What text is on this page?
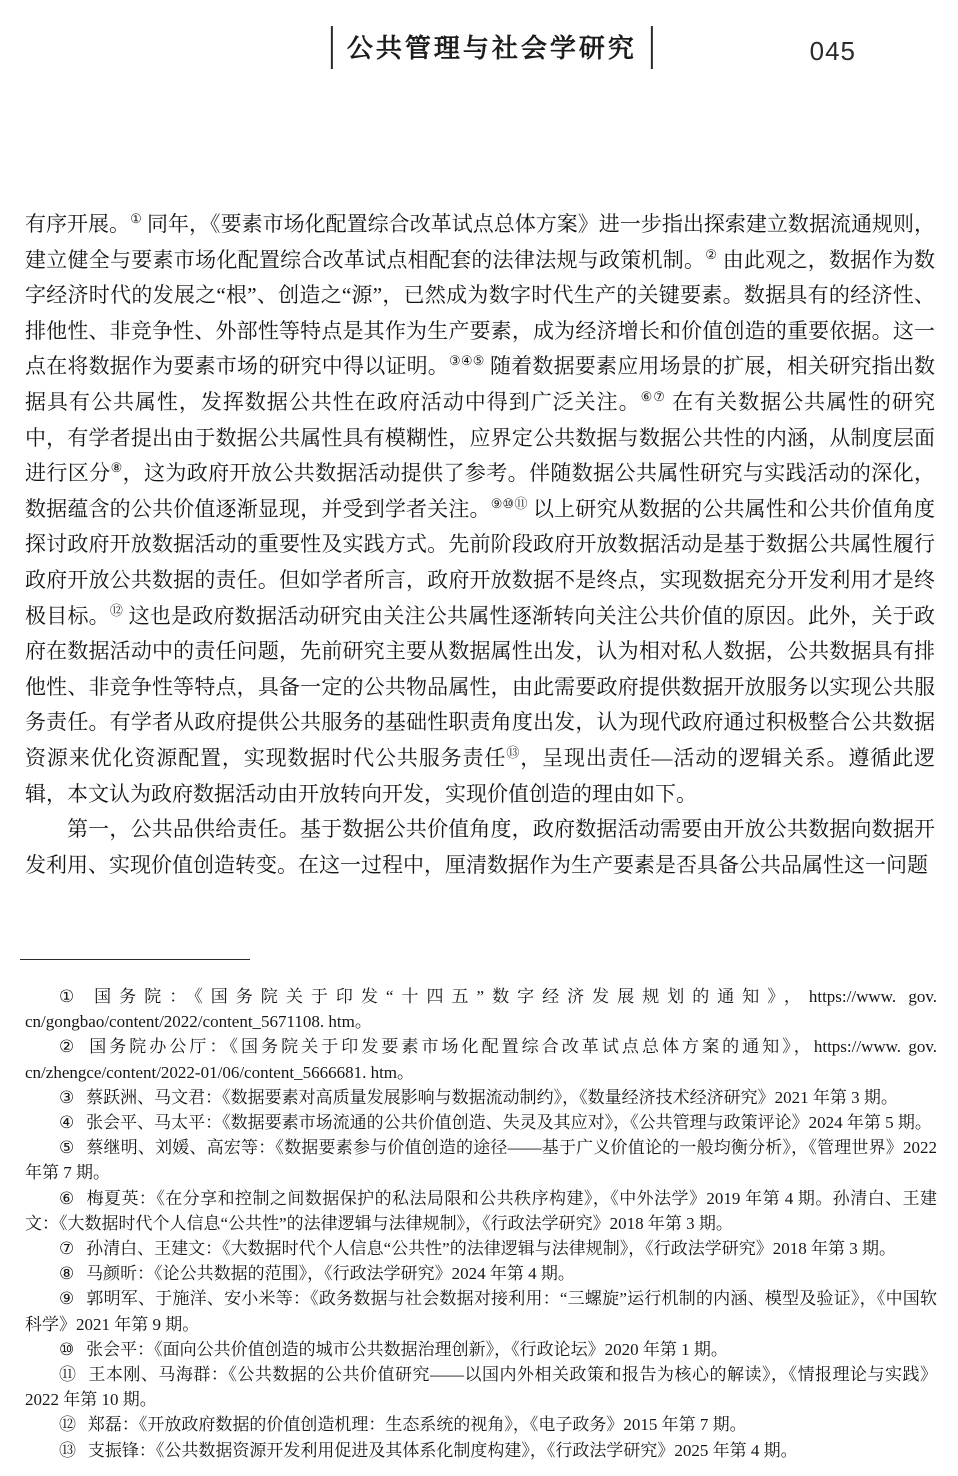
公共管理与社会学研究	045

有序开展。① 同年，《要素市场化配置综合改革试点总体方案》进一步指出探索建立数据流通规则，建立健全与要素市场化配置综合改革试点相配套的法律法规与政策机制。② 由此观之，数据作为数字经济时代的发展之“根”、创造之“源”，已然成为数字时代生产的关键要素。数据具有的经济性、排他性、非竞争性、外部性等特点是其作为生产要素，成为经济增长和价值创造的重要依据。这一点在将数据作为要素市场的研究中得以证明。③④⑤ 随着数据要素应用场景的扩展，相关研究指出数据具有公共属性，发挥数据公共性在政府活动中得到广泛关注。⑥⑦ 在有关数据公共属性的研究中，有学者提出由于数据公共属性具有模糊性，应界定公共数据与数据公共性的内涵，从制度层面进行区分⑧，这为政府开放公共数据活动提供了参考。伴随数据公共属性研究与实践活动的深化，数据蕴含的公共价值逐渐显现，并受到学者关注。⑨⑩⑪ 以上研究从数据的公共属性和公共价值角度探讨政府开放数据活动的重要性及实践方式。先前阶段政府开放数据活动是基于数据公共属性履行政府开放公共数据的责任。但如学者所言，政府开放数据不是终点，实现数据充分开发利用才是终极目标。⑫ 这也是政府数据活动研究由关注公共属性逐渐转向关注公共价值的原因。此外，关于政府在数据活动中的责任问题，先前研究主要从数据属性出发，认为相对私人数据，公共数据具有排他性、非竞争性等特点，具备一定的公共物品属性，由此需要政府提供数据开放服务以实现公共服务责任。有学者从政府提供公共服务的基础性职责角度出发，认为现代政府通过积极整合公共数据资源来优化资源配置，实现数据时代公共服务责任⑬，呈现出责任—活动的逻辑关系。遵循此逻辑，本文认为政府数据活动由开放转向开发，实现价值创造的理由如下。

第一，公共品供给责任。基于数据公共价值角度，政府数据活动需要由开放公共数据向数据开发利用、实现价值创造转变。在这一过程中，厘清数据作为生产要素是否具备公共品属性这一问题

① 国务院：《国务院关于印发“十四五”数字经济发展规划的通知》，https://www. gov. cn/gongbao/content/2022/content_5671108. htm。

② 国务院办公厅：《国务院关于印发要素市场化配置综合改革试点总体方案的通知》，https://www. gov. cn/zhengce/content/2022-01/06/content_5666681. htm。

③ 蔡跃洲、马文君：《数据要素对高质量发展影响与数据流动制约》，《数量经济技术经济研究》2021 年第 3 期。

④ 张会平、马太平：《数据要素市场流通的公共价值创造、失灵及其应对》，《公共管理与政策评论》2024 年第 5 期。

⑤ 蔡继明、刘媛、高宏等：《数据要素参与价值创造的途径——基于广义价值论的一般均衡分析》，《管理世界》2022 年第 7 期。

⑥ 梅夏英：《在分享和控制之间数据保护的私法局限和公共秩序构建》，《中外法学》2019 年第 4 期。孙清白、王建文：《大数据时代个人信息“公共性”的法律逻辑与法律规制》，《行政法学研究》2018 年第 3 期。

⑦ 孙清白、王建文：《大数据时代个人信息“公共性”的法律逻辑与法律规制》，《行政法学研究》2018 年第 3 期。

⑧ 马颜昕：《论公共数据的范围》，《行政法学研究》2024 年第 4 期。

⑨ 郭明军、于施洋、安小米等：《政务数据与社会数据对接利用：“三螺旋”运行机制的内涵、模型及验证》，《中国软科学》2021 年第 9 期。

⑩ 张会平：《面向公共价值创造的城市公共数据治理创新》，《行政论坛》2020 年第 1 期。

⑪ 王本刚、马海群：《公共数据的公共价值研究——以国内外相关政策和报告为核心的解读》，《情报理论与实践》2022 年第 10 期。

⑫ 郑磊：《开放政府数据的价值创造机理：生态系统的视角》，《电子政务》2015 年第 7 期。

⑬ 支振锋：《公共数据资源开发利用促进及其体系化制度构建》，《行政法学研究》2025 年第 4 期。
